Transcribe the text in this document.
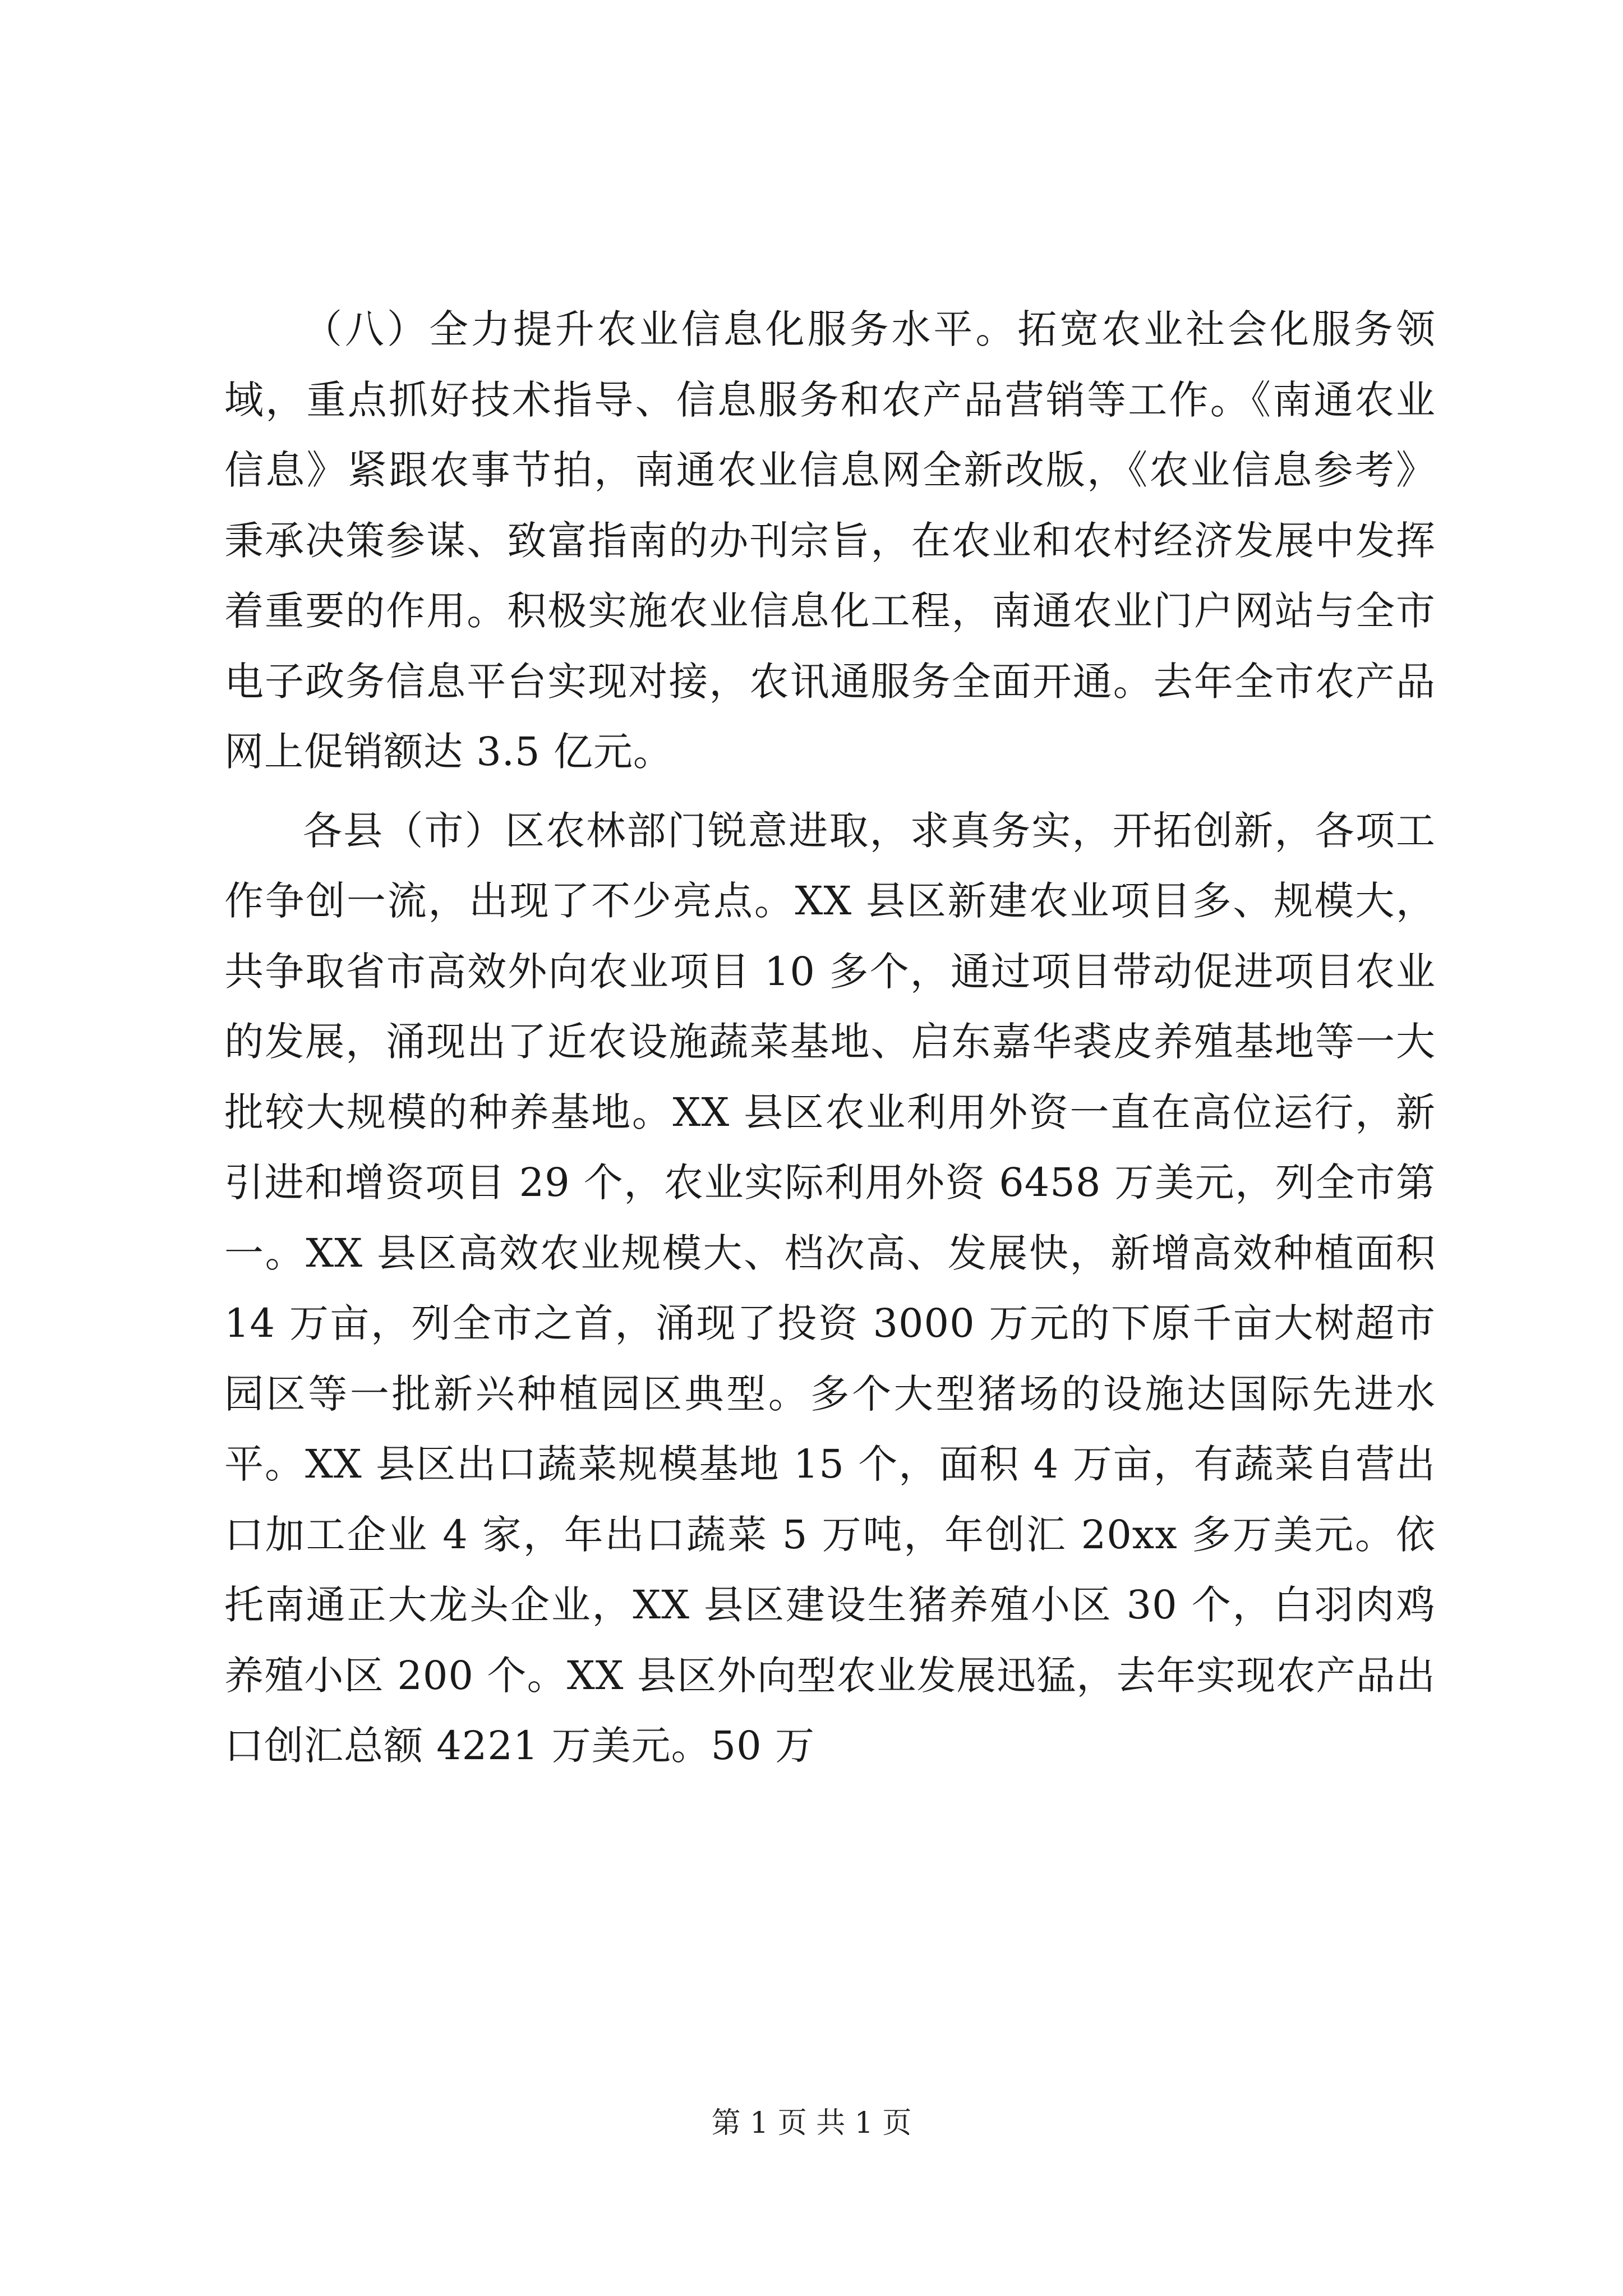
（八）全力提升农业信息化服务水平。拓宽农业社会化服务领域，重点抓好技术指导、信息服务和农产品营销等工作。《南通农业信息》紧跟农事节拍，南通农业信息网全新改版，《农业信息参考》秉承决策参谋、致富指南的办刊宗旨，在农业和农村经济发展中发挥着重要的作用。积极实施农业信息化工程，南通农业门户网站与全市电子政务信息平台实现对接，农讯通服务全面开通。去年全市农产品网上促销额达 3.5 亿元。

各县（市）区农林部门锐意进取，求真务实，开拓创新，各项工作争创一流，出现了不少亮点。XX 县区新建农业项目多、规模大，共争取省市高效外向农业项目 10 多个，通过项目带动促进项目农业的发展，涌现出了近农设施蔬菜基地、启东嘉华裘皮养殖基地等一大批较大规模的种养基地。XX 县区农业利用外资一直在高位运行，新引进和增资项目 29 个，农业实际利用外资 6458 万美元，列全市第一。XX 县区高效农业规模大、档次高、发展快，新增高效种植面积 14 万亩，列全市之首，涌现了投资 3000 万元的下原千亩大树超市园区等一批新兴种植园区典型。多个大型猪场的设施达国际先进水平。XX 县区出口蔬菜规模基地 15 个，面积 4 万亩，有蔬菜自营出口加工企业 4 家，年出口蔬菜 5 万吨，年创汇 20xx 多万美元。依托南通正大龙头企业，XX 县区建设生猪养殖小区 30 个，白羽肉鸡养殖小区 200 个。XX 县区外向型农业发展迅猛，去年实现农产品出口创汇总额 4221 万美元。50 万

第 1 页 共 1 页
